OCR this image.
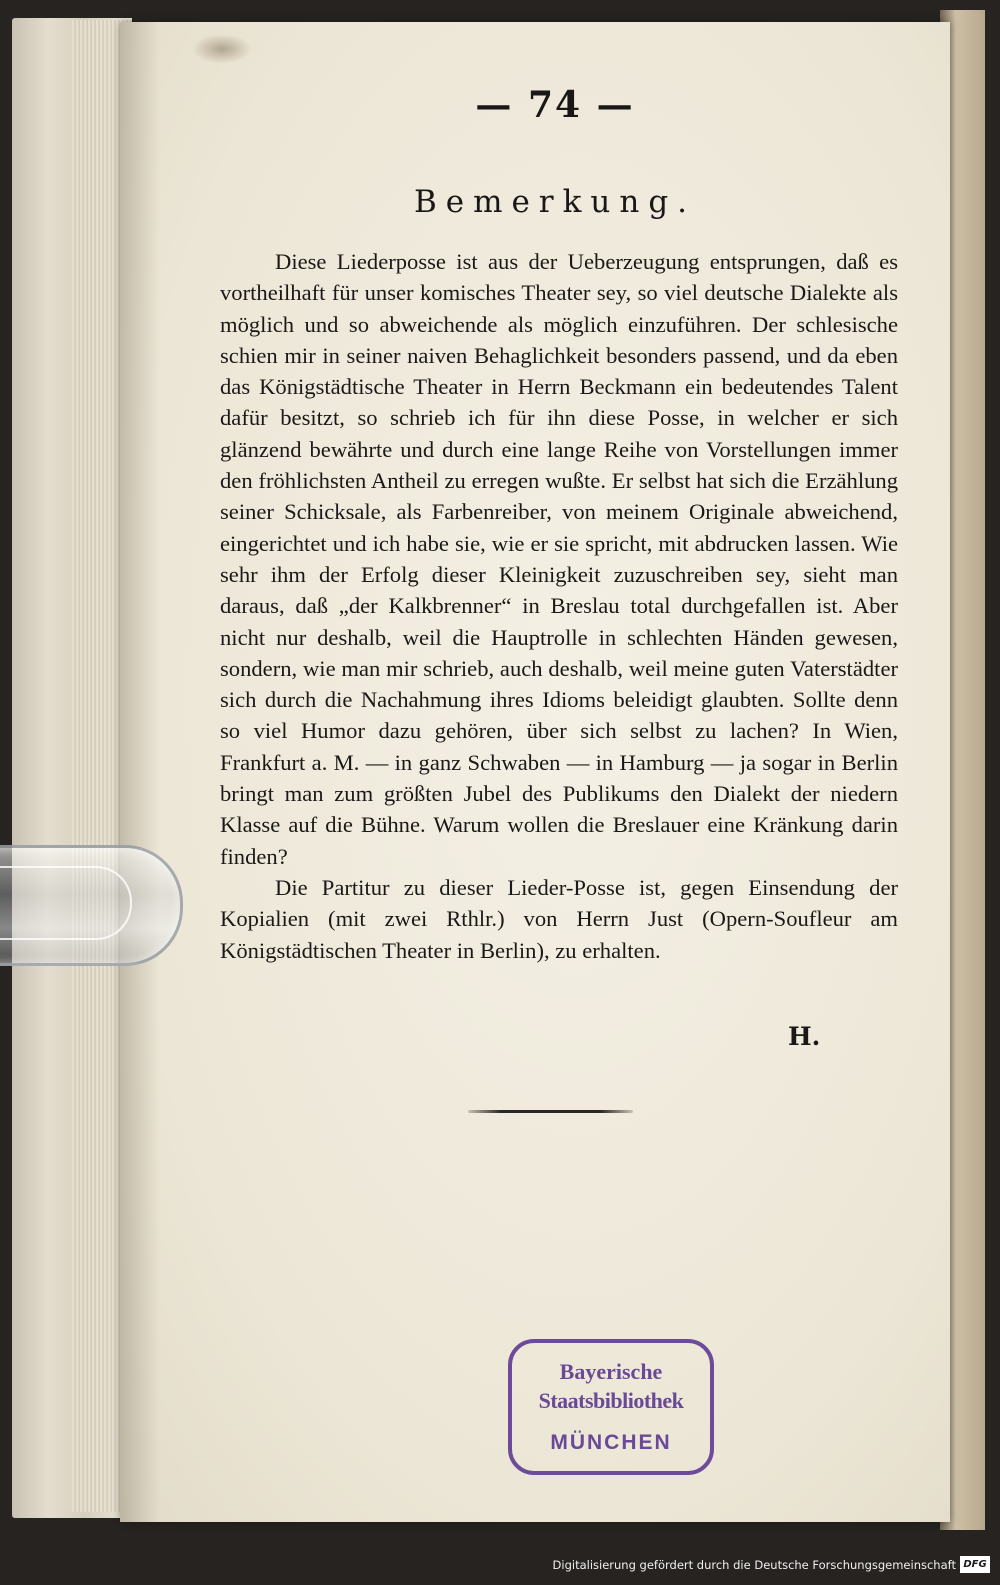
— 74 —
Bemerkung.

Diese Liederposse ist aus der Ueberzeugung entsprungen, daß es vortheilhaft für unser komisches Theater sey, so viel deutsche Dialekte als möglich und so abweichende als möglich einzuführen. Der schlesische schien mir in seiner naiven Behaglichkeit besonders passend, und da eben das Königstädtische Theater in Herrn Beckmann ein bedeutendes Talent dafür besitzt, so schrieb ich für ihn diese Posse, in welcher er sich glänzend bewährte und durch eine lange Reihe von Vorstellungen immer den fröhlichsten Antheil zu erregen wußte. Er selbst hat sich die Erzählung seiner Schicksale, als Farbenreiber, von meinem Originale abweichend, eingerichtet und ich habe sie, wie er sie spricht, mit abdrucken lassen. Wie sehr ihm der Erfolg dieser Kleinigkeit zuzuschreiben sey, sieht man daraus, daß „der Kalkbrenner“ in Breslau total durchgefallen ist. Aber nicht nur deshalb, weil die Hauptrolle in schlechten Händen gewesen, sondern, wie man mir schrieb, auch deshalb, weil meine guten Vaterstädter sich durch die Nachahmung ihres Idioms beleidigt glaubten. Sollte denn so viel Humor dazu gehören, über sich selbst zu lachen? In Wien, Frankfurt a. M. — in ganz Schwaben — in Hamburg — ja sogar in Berlin bringt man zum größten Jubel des Publikums den Dialekt der niedern Klasse auf die Bühne. Warum wollen die Breslauer eine Kränkung darin finden?

Die Partitur zu dieser Lieder-Posse ist, gegen Einsendung der Kopialien (mit zwei Rthlr.) von Herrn Just (Opern-Soufleur am Königstädtischen Theater in Berlin), zu erhalten.

H.
Bayerische
Staatsbibliothek
MÜNCHEN
Digitalisierung gefördert durch die Deutsche Forschungsgemeinschaft DFG
